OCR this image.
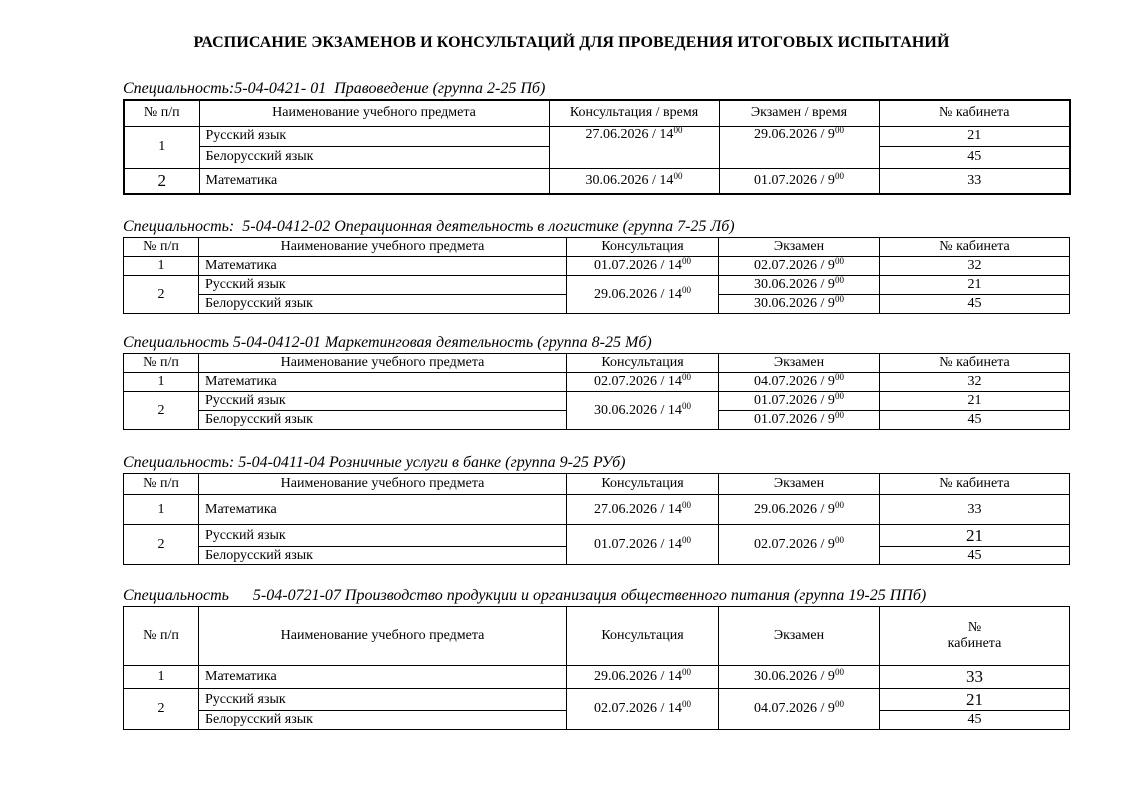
РАСПИСАНИЕ ЭКЗАМЕНОВ И КОНСУЛЬТАЦИЙ ДЛЯ ПРОВЕДЕНИЯ ИТОГОВЫХ ИСПЫТАНИЙ
Специальность:5-04-0421- 01  Правоведение (группа 2-25 Пб)
№ п/п	Наименование учебного предмета	Консультация / время	Экзамен / время	№ кабинета
1	Русский язык	$27.06.2026 / 14^{00}$	$29.06.2026 / 9^{00}$	21
	Белорусский язык			45
2	Математика	$30.06.2026 / 14^{00}$	$01.07.2026 / 9^{00}$	33
Специальность:  5-04-0412-02 Операционная деятельность в логистике (группа 7-25 Лб)
№ п/п	Наименование учебного предмета	Консультация	Экзамен	№ кабинета
1	Математика	$01.07.2026 / 14^{00}$	$02.07.2026 / 9^{00}$	32
2	Русский язык	$29.06.2026 / 14^{00}$	$30.06.2026 / 9^{00}$	21
	Белорусский язык		$30.06.2026 / 9^{00}$	45
Специальность 5-04-0412-01 Маркетинговая деятельность (группа 8-25 Мб)
№ п/п	Наименование учебного предмета	Консультация	Экзамен	№ кабинета
1	Математика	$02.07.2026 / 14^{00}$	$04.07.2026 / 9^{00}$	32
2	Русский язык	$30.06.2026 / 14^{00}$	$01.07.2026 / 9^{00}$	21
	Белорусский язык		$01.07.2026 / 9^{00}$	45
Специальность: 5-04-0411-04 Розничные услуги в банке (группа 9-25 РУб)
№ п/п	Наименование учебного предмета	Консультация	Экзамен	№ кабинета
1	Математика	$27.06.2026 / 14^{00}$	$29.06.2026 / 9^{00}$	33
2	Русский язык	$01.07.2026 / 14^{00}$	$02.07.2026 / 9^{00}$	21
	Белорусский язык			45
Специальность      5-04-0721-07 Производство продукции и организация общественного питания (группа 19-25 ППб)
№ п/п	Наименование учебного предмета	Консультация	Экзамен	№
кабинета

1	Математика	$29.06.2026 / 14^{00}$	$30.06.2026 / 9^{00}$	33
2	Русский язык	$02.07.2026 / 14^{00}$	$04.07.2026 / 9^{00}$	21
	Белорусский язык			45
